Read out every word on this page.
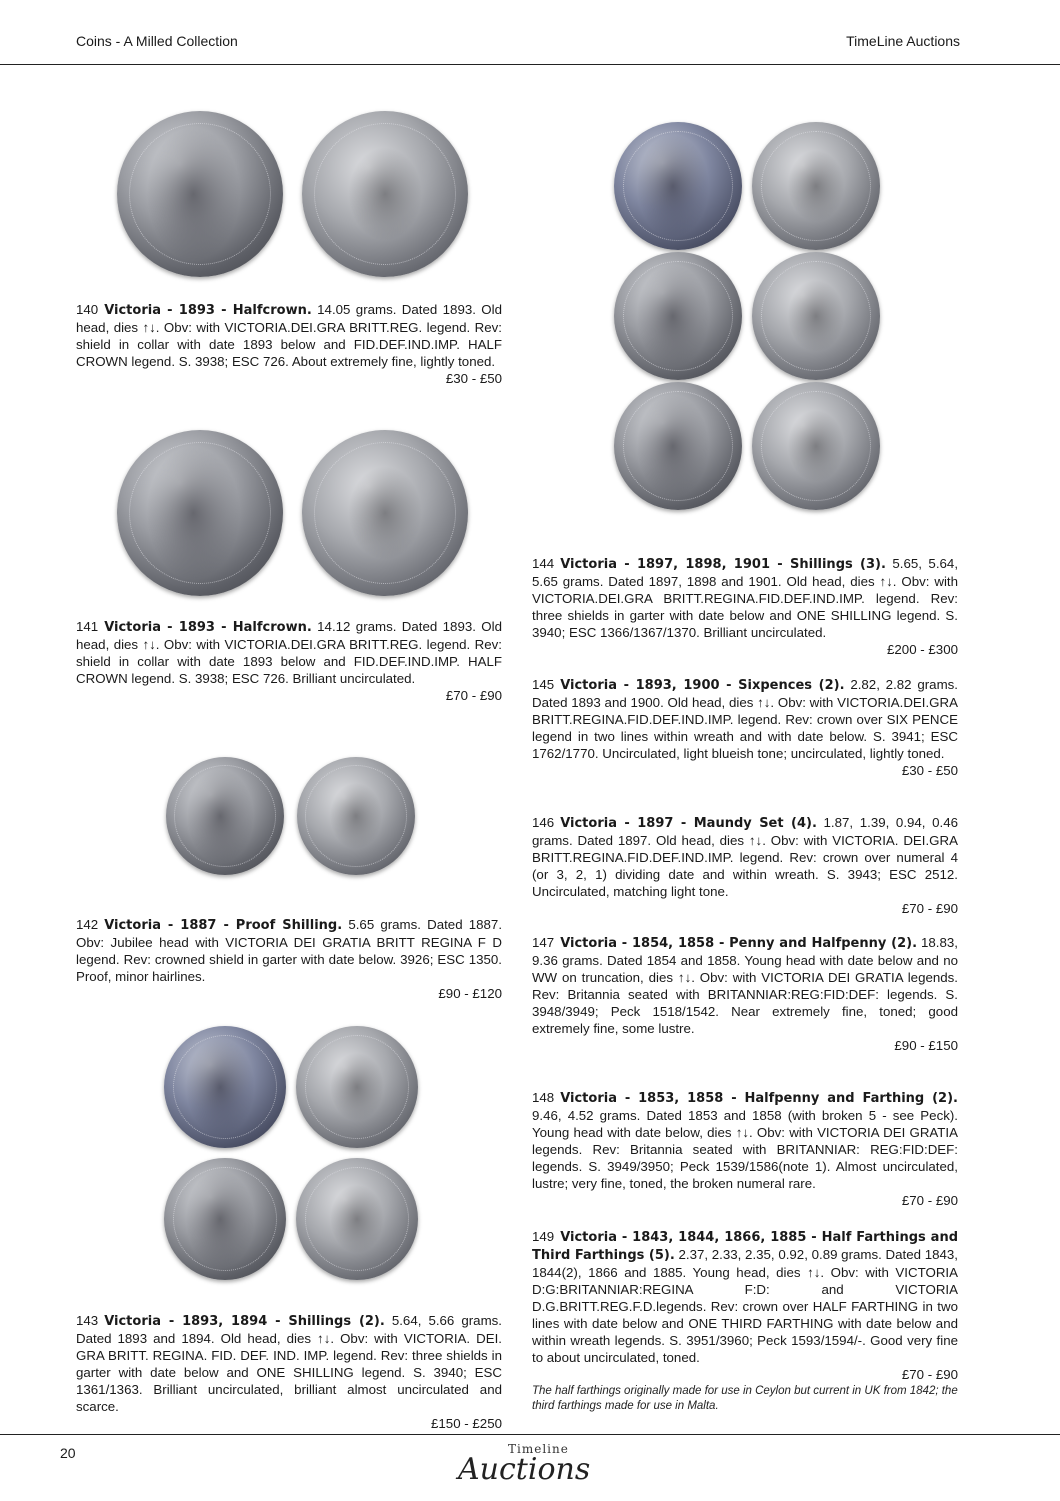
Coins - A Milled Collection	TimeLine Auctions
140 Victoria - 1893 - Halfcrown. 14.05 grams. Dated 1893. Old head, dies ↑↓. Obv: with VICTORIA.DEI.GRA BRITT.REG. legend. Rev: shield in collar with date 1893 below and FID.DEF.IND.IMP. HALF CROWN legend. S. 3938; ESC 726. About extremely fine, lightly toned.
£30 - £50
141 Victoria - 1893 - Halfcrown. 14.12 grams. Dated 1893. Old head, dies ↑↓. Obv: with VICTORIA.DEI.GRA BRITT.REG. legend. Rev: shield in collar with date 1893 below and FID.DEF.IND.IMP. HALF CROWN legend. S. 3938; ESC 726. Brilliant uncirculated.
£70 - £90
142 Victoria - 1887 - Proof Shilling. 5.65 grams. Dated 1887. Obv: Jubilee head with VICTORIA DEI GRATIA BRITT REGINA F D legend. Rev: crowned shield in garter with date below. 3926; ESC 1350. Proof, minor hairlines.
£90 - £120
143 Victoria - 1893, 1894 - Shillings (2). 5.64, 5.66 grams. Dated 1893 and 1894. Old head, dies ↑↓. Obv: with VICTORIA. DEI. GRA BRITT. REGINA. FID. DEF. IND. IMP. legend. Rev: three shields in garter with date below and ONE SHILLING legend. S. 3940; ESC 1361/1363. Brilliant uncirculated, brilliant almost uncirculated and scarce.
£150 - £250
144 Victoria - 1897, 1898, 1901 - Shillings (3). 5.65, 5.64, 5.65 grams. Dated 1897, 1898 and 1901. Old head, dies ↑↓. Obv: with VICTORIA.DEI.GRA BRITT.REGINA.FID.DEF.IND.IMP. legend. Rev: three shields in garter with date below and ONE SHILLING legend. S. 3940; ESC 1366/1367/1370. Brilliant uncirculated.
£200 - £300
145 Victoria - 1893, 1900 - Sixpences (2). 2.82, 2.82 grams. Dated 1893 and 1900. Old head, dies ↑↓. Obv: with VICTORIA.DEI.GRA BRITT.REGINA.FID.DEF.IND.IMP. legend. Rev: crown over SIX PENCE legend in two lines within wreath and with date below. S. 3941; ESC 1762/1770. Uncirculated, light blueish tone; uncirculated, lightly toned.
£30 - £50
146 Victoria - 1897 - Maundy Set (4). 1.87, 1.39, 0.94, 0.46 grams. Dated 1897. Old head, dies ↑↓. Obv: with VICTORIA. DEI.GRA BRITT.REGINA.FID.DEF.IND.IMP. legend. Rev: crown over numeral 4 (or 3, 2, 1) dividing date and within wreath. S. 3943; ESC 2512. Uncirculated, matching light tone.
£70 - £90
147 Victoria - 1854, 1858 - Penny and Halfpenny (2). 18.83, 9.36 grams. Dated 1854 and 1858. Young head with date below and no WW on truncation, dies ↑↓. Obv: with VICTORIA DEI GRATIA legends. Rev: Britannia seated with BRITANNIAR:REG:FID:DEF: legends. S. 3948/3949; Peck 1518/1542. Near extremely fine, toned; good extremely fine, some lustre.
£90 - £150
148 Victoria - 1853, 1858 - Halfpenny and Farthing (2). 9.46, 4.52 grams. Dated 1853 and 1858 (with broken 5 - see Peck). Young head with date below, dies ↑↓. Obv: with VICTORIA DEI GRATIA legends. Rev: Britannia seated with BRITANNIAR: REG:FID:DEF: legends. S. 3949/3950; Peck 1539/1586(note 1). Almost uncirculated, lustre; very fine, toned, the broken numeral rare.
£70 - £90
149 Victoria - 1843, 1844, 1866, 1885 - Half Farthings and Third Farthings (5). 2.37, 2.33, 2.35, 0.92, 0.89 grams. Dated 1843, 1844(2), 1866 and 1885. Young head, dies ↑↓. Obv: with VICTORIA D:G:BRITANNIAR:REGINA F:D: and VICTORIA D.G.BRITT.REG.F.D.legends. Rev: crown over HALF FARTHING in two lines with date below and ONE THIRD FARTHING with date below and within wreath legends. S. 3951/3960; Peck 1593/1594/-. Good very fine to about uncirculated, toned.
£70 - £90
The half farthings originally made for use in Ceylon but current in UK from 1842; the third farthings made for use in Malta.
20	Timeline
Auctions
